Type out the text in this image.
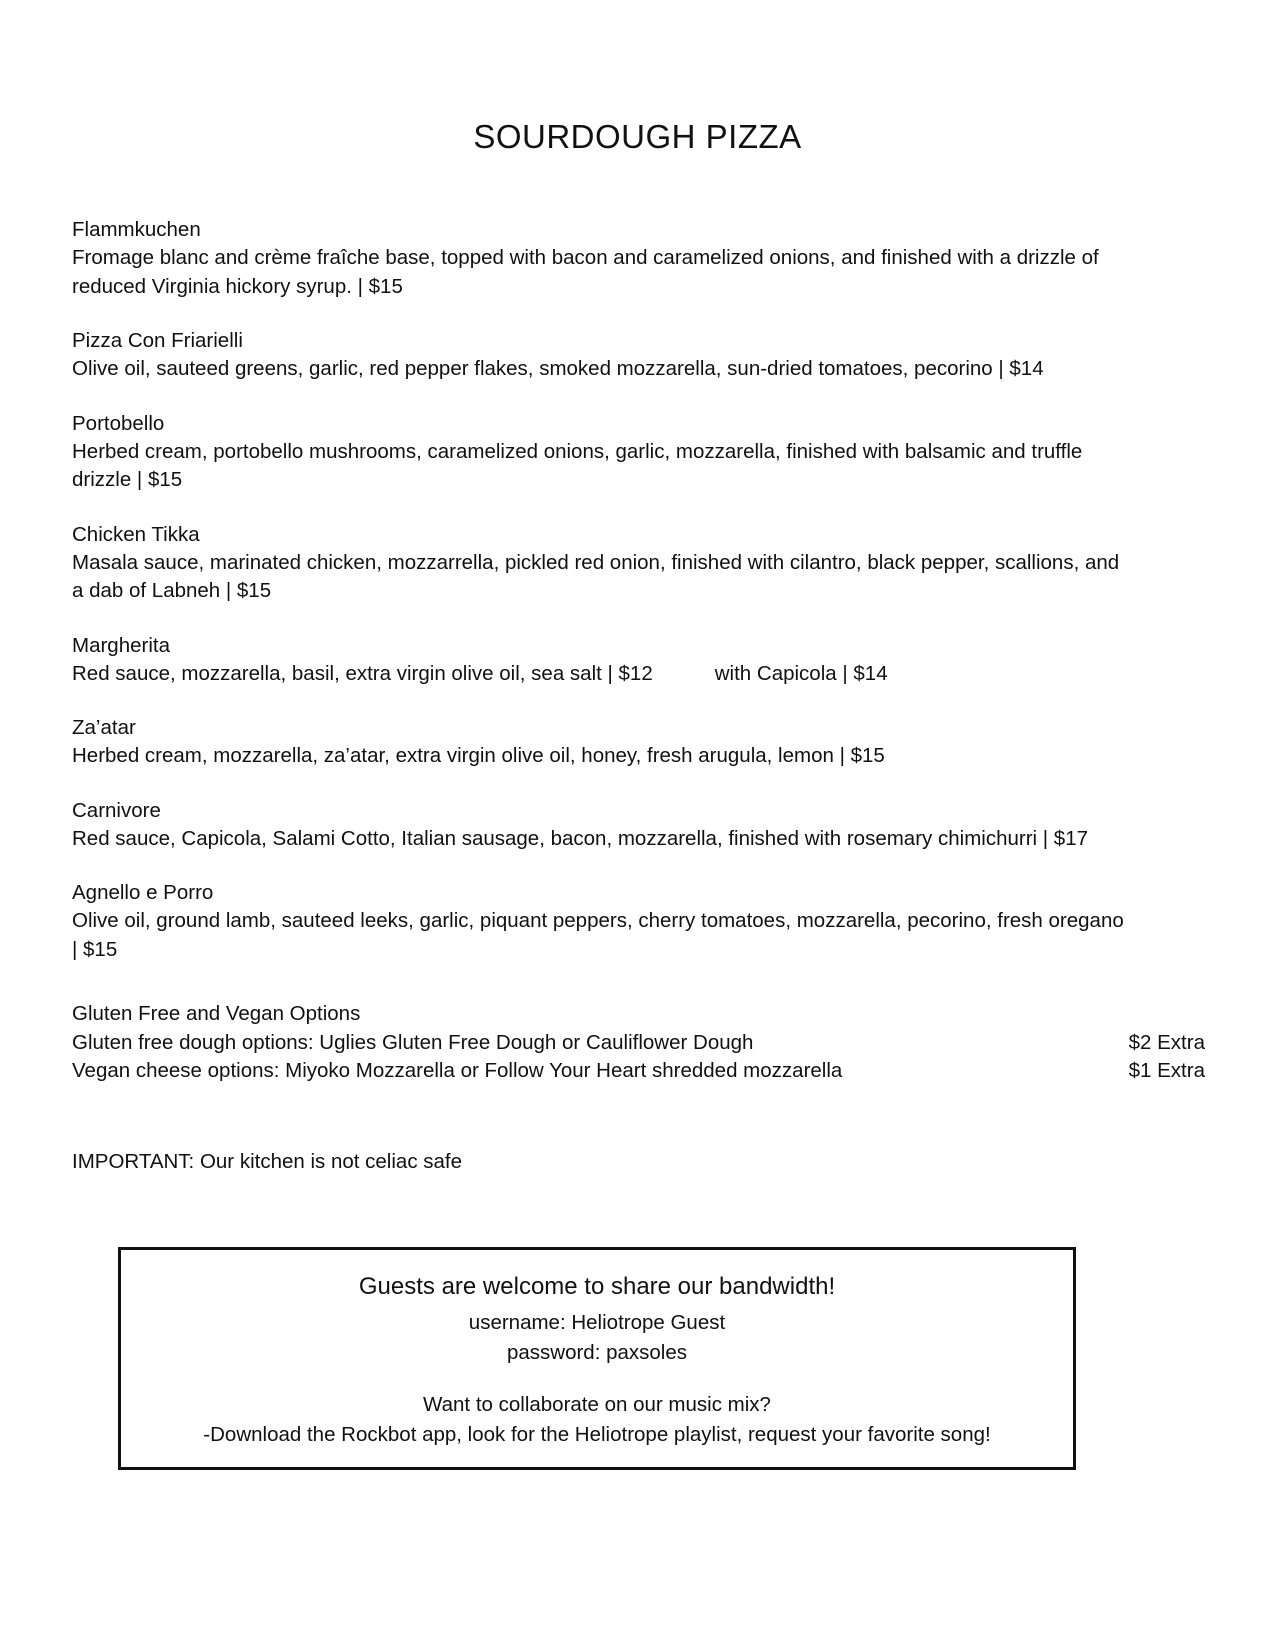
SOURDOUGH PIZZA
Flammkuchen
Fromage blanc and crème fraîche base, topped with bacon and caramelized onions, and finished with a drizzle of reduced Virginia hickory syrup. | $15
Pizza Con Friarielli
Olive oil, sauteed greens, garlic, red pepper flakes, smoked mozzarella, sun-dried tomatoes, pecorino | $14
Portobello
Herbed cream, portobello mushrooms, caramelized onions, garlic, mozzarella, finished with balsamic and truffle drizzle | $15
Chicken Tikka
Masala sauce, marinated chicken, mozzarrella, pickled red onion, finished with cilantro, black pepper, scallions, and a dab of Labneh | $15
Margherita
Red sauce, mozzarella, basil, extra virgin olive oil, sea salt | $12	with Capicola | $14
Za’atar
Herbed cream, mozzarella, za’atar, extra virgin olive oil, honey, fresh arugula, lemon | $15
Carnivore
Red sauce, Capicola, Salami Cotto, Italian sausage, bacon, mozzarella, finished with rosemary chimichurri | $17
Agnello e Porro
Olive oil, ground lamb, sauteed leeks, garlic, piquant peppers, cherry tomatoes, mozzarella, pecorino, fresh oregano | $15
Gluten Free and Vegan Options
Gluten free dough options: Uglies Gluten Free Dough or Cauliflower Dough	$2 Extra
Vegan cheese options: Miyoko Mozzarella or Follow Your Heart shredded mozzarella	$1 Extra
IMPORTANT: Our kitchen is not celiac safe
Guests are welcome to share our bandwidth!
username: Heliotrope Guest
password: paxsoles
Want to collaborate on our music mix?
-Download the Rockbot app, look for the Heliotrope playlist, request your favorite song!
